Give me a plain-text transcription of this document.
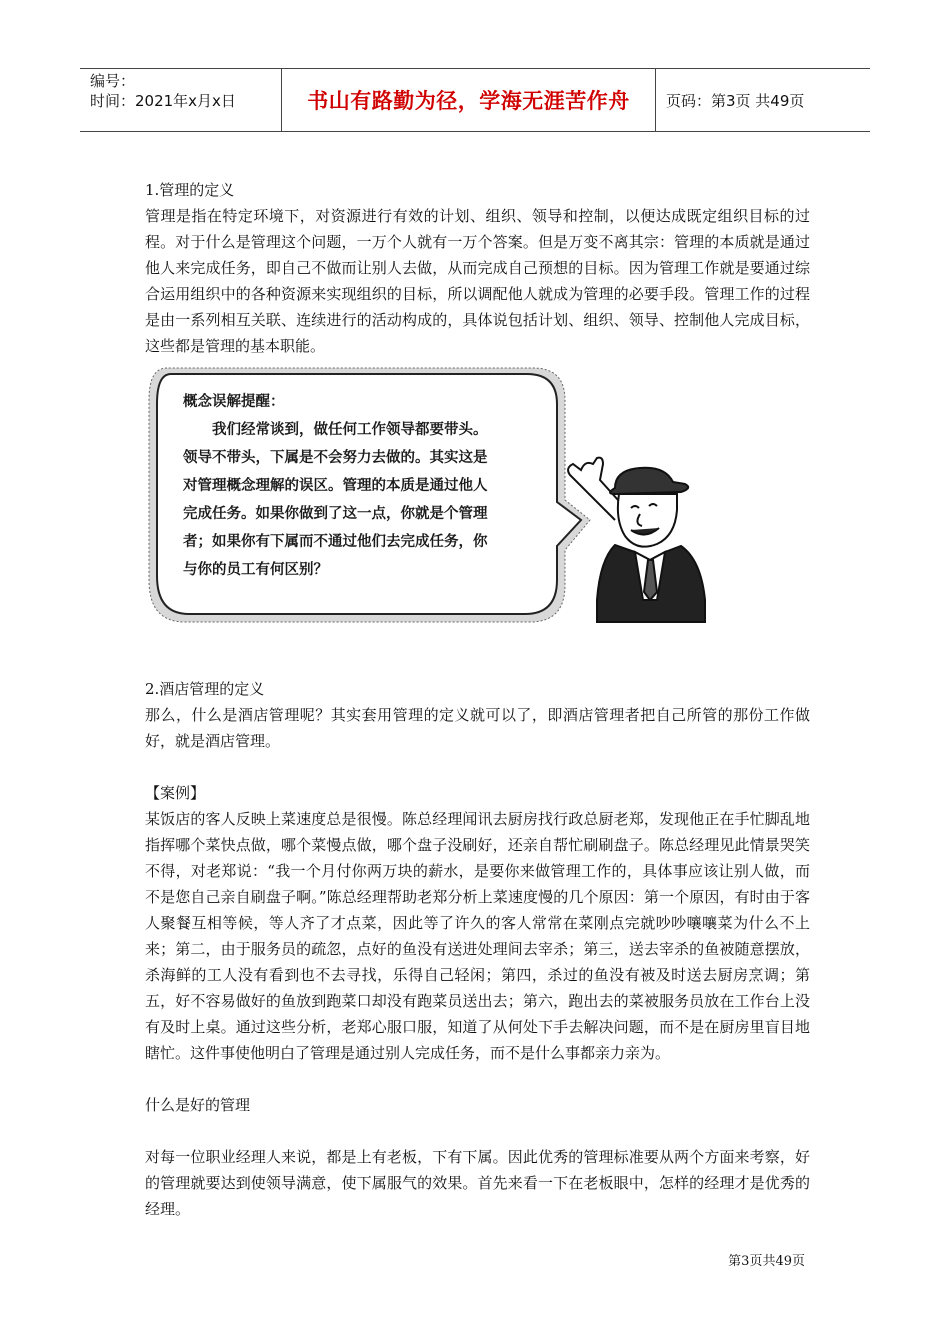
编号：
时间：2021年x月x日	书山有路勤为径，学海无涯苦作舟	页码：第3页 共49页

1.管理的定义

管理是指在特定环境下，对资源进行有效的计划、组织、领导和控制，以便达成既定组织目标的过程。对于什么是管理这个问题，一万个人就有一万个答案。但是万变不离其宗：管理的本质就是通过他人来完成任务，即自己不做而让别人去做，从而完成自己预想的目标。因为管理工作就是要通过综合运用组织中的各种资源来实现组织的目标，所以调配他人就成为管理的必要手段。管理工作的过程是由一系列相互关联、连续进行的活动构成的，具体说包括计划、组织、领导、控制他人完成目标，这些都是管理的基本职能。

概念误解提醒：
我们经常谈到，做任何工作领导都要带头。
领导不带头，下属是不会努力去做的。其实这是
对管理概念理解的误区。管理的本质是通过他人
完成任务。如果你做到了这一点，你就是个管理
者；如果你有下属而不通过他们去完成任务，你
与你的员工有何区别？

2.酒店管理的定义

那么，什么是酒店管理呢？其实套用管理的定义就可以了，即酒店管理者把自己所管的那份工作做好，就是酒店管理。

【案例】

某饭店的客人反映上菜速度总是很慢。陈总经理闻讯去厨房找行政总厨老郑，发现他正在手忙脚乱地指挥哪个菜快点做，哪个菜慢点做，哪个盘子没刷好，还亲自帮忙刷刷盘子。陈总经理见此情景哭笑不得，对老郑说：“我一个月付你两万块的薪水，是要你来做管理工作的，具体事应该让别人做，而不是您自己亲自刷盘子啊。”陈总经理帮助老郑分析上菜速度慢的几个原因：第一个原因，有时由于客人聚餐互相等候，等人齐了才点菜，因此等了许久的客人常常在菜刚点完就吵吵嚷嚷菜为什么不上来；第二，由于服务员的疏忽，点好的鱼没有送进处理间去宰杀；第三，送去宰杀的鱼被随意摆放，杀海鲜的工人没有看到也不去寻找，乐得自己轻闲；第四，杀过的鱼没有被及时送去厨房烹调；第五，好不容易做好的鱼放到跑菜口却没有跑菜员送出去；第六，跑出去的菜被服务员放在工作台上没有及时上桌。通过这些分析，老郑心服口服，知道了从何处下手去解决问题，而不是在厨房里盲目地瞎忙。这件事使他明白了管理是通过别人完成任务，而不是什么事都亲力亲为。

什么是好的管理

对每一位职业经理人来说，都是上有老板，下有下属。因此优秀的管理标准要从两个方面来考察，好的管理就要达到使领导满意，使下属服气的效果。首先来看一下在老板眼中，怎样的经理才是优秀的经理。

第3页共49页
